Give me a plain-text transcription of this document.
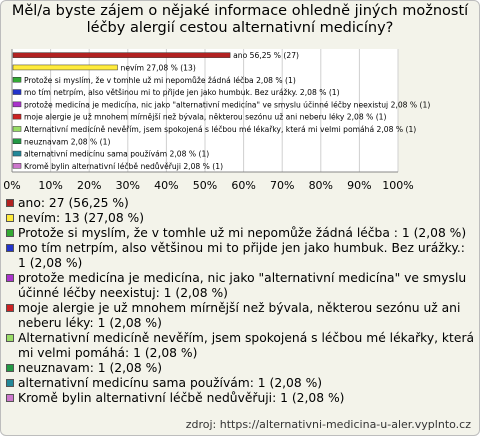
Měl/a byste zájem o nějaké informace ohledně jiných možností léčby alergií cestou alternativní medicíny?
0% 10% 20% 30% 40% 50% 60% 70% 80% 90% 100%
ano 56,25 % (27)
nevím 27,08 % (13)
Protože si myslím, že v tomhle už mi nepomůže žádná léčba 2,08 % (1)
mo tím netrpím, also většinou mi to přijde jen jako humbuk. Bez urážky. 2,08 % (1)
protože medicína je medicína, nic jako "alternativní medicína" ve smyslu účinné léčby neexistuj 2,08 % (1)
moje alergie je už mnohem mírnější než bývala, některou sezónu už ani neberu léky 2,08 % (1)
Alternativní medicíně nevěřím, jsem spokojená s léčbou mé lékařky, která mi velmi pomáhá 2,08 % (1)
neuznavam 2,08 % (1)
alternativní medicínu sama používám 2,08 % (1)
Kromě bylin alternativní léčbě nedůvěřuji 2,08 % (1)
ano: 27 (56,25 %)
nevím: 13 (27,08 %)
Protože si myslím, že v tomhle už mi nepomůže žádná léčba : 1 (2,08 %)
mo tím netrpím, also většinou mi to přijde jen jako humbuk. Bez urážky.: 1 (2,08 %)
protože medicína je medicína, nic jako "alternativní medicína" ve smyslu účinné léčby neexistuj: 1 (2,08 %)
moje alergie je už mnohem mírnější než bývala, některou sezónu už ani neberu léky: 1 (2,08 %)
Alternativní medicíně nevěřím, jsem spokojená s léčbou mé lékařky, která mi velmi pomáhá: 1 (2,08 %)
neuznavam: 1 (2,08 %)
alternativní medicínu sama používám: 1 (2,08 %)
Kromě bylin alternativní léčbě nedůvěřuji: 1 (2,08 %)
zdroj: https://alternativni-medicina-u-aler.vyplnto.cz
